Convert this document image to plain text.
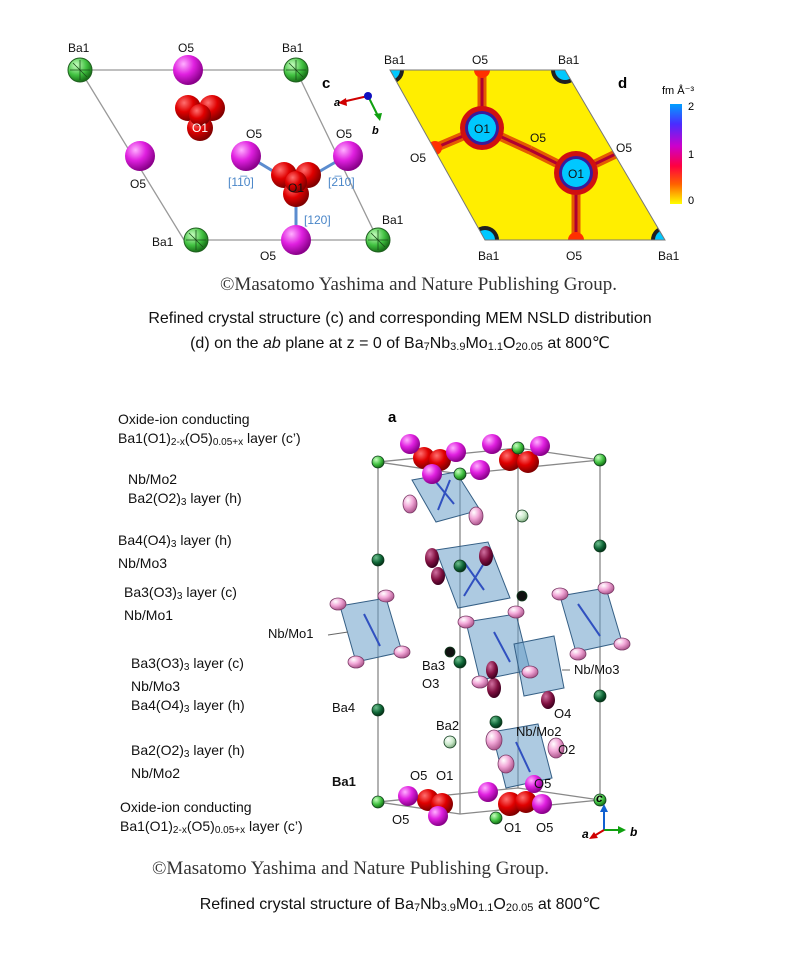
Ba1	O5	Ba1
O1
O5
O5	O5
O1
Ba1
Ba1
O5
[11̅0]	[2̅10]
[120]
c
a
b
Ba1	O5	Ba1
O1
O5
O5
O5
O1
Ba1	O5	Ba1
d	fm Å⁻³
2
1
0
©Masatomo Yashima and Nature Publishing Group.
Refined crystal structure (c) and corresponding MEM NSLD distribution
(d) on the ab plane at z = 0 of $Ba_7Nb_{3.9}Mo_{1.1}O_{20.05}$ at 800℃
Oxide-ion conducting
$Ba1(O1)_{2-x}(O5)_{0.05+x}$ layer (c’)
Nb/Mo2
$Ba2(O2)_3$ layer (h)
$Ba4(O4)_3$ layer (h)
Nb/Mo3
$Ba3(O3)_3$ layer (c)
Nb/Mo1
$Ba3(O3)_3$ layer (c)
Nb/Mo3
$Ba4(O4)_3$ layer (h)
$Ba2(O2)_3$ layer (h)
Nb/Mo2
Oxide-ion conducting
$Ba1(O1)_{2-x}(O5)_{0.05+x}$ layer (c’)
Nb/Mo1
Ba3
O3
Nb/Mo3
O4
Ba4
Ba2	Nb/Mo2
O2
Ba1	O5 O1
O5
O5
O1 O5
a
a	b
c
©Masatomo Yashima and Nature Publishing Group.
Refined crystal structure of $Ba_7Nb_{3.9}Mo_{1.1}O_{20.05}$ at 800℃
